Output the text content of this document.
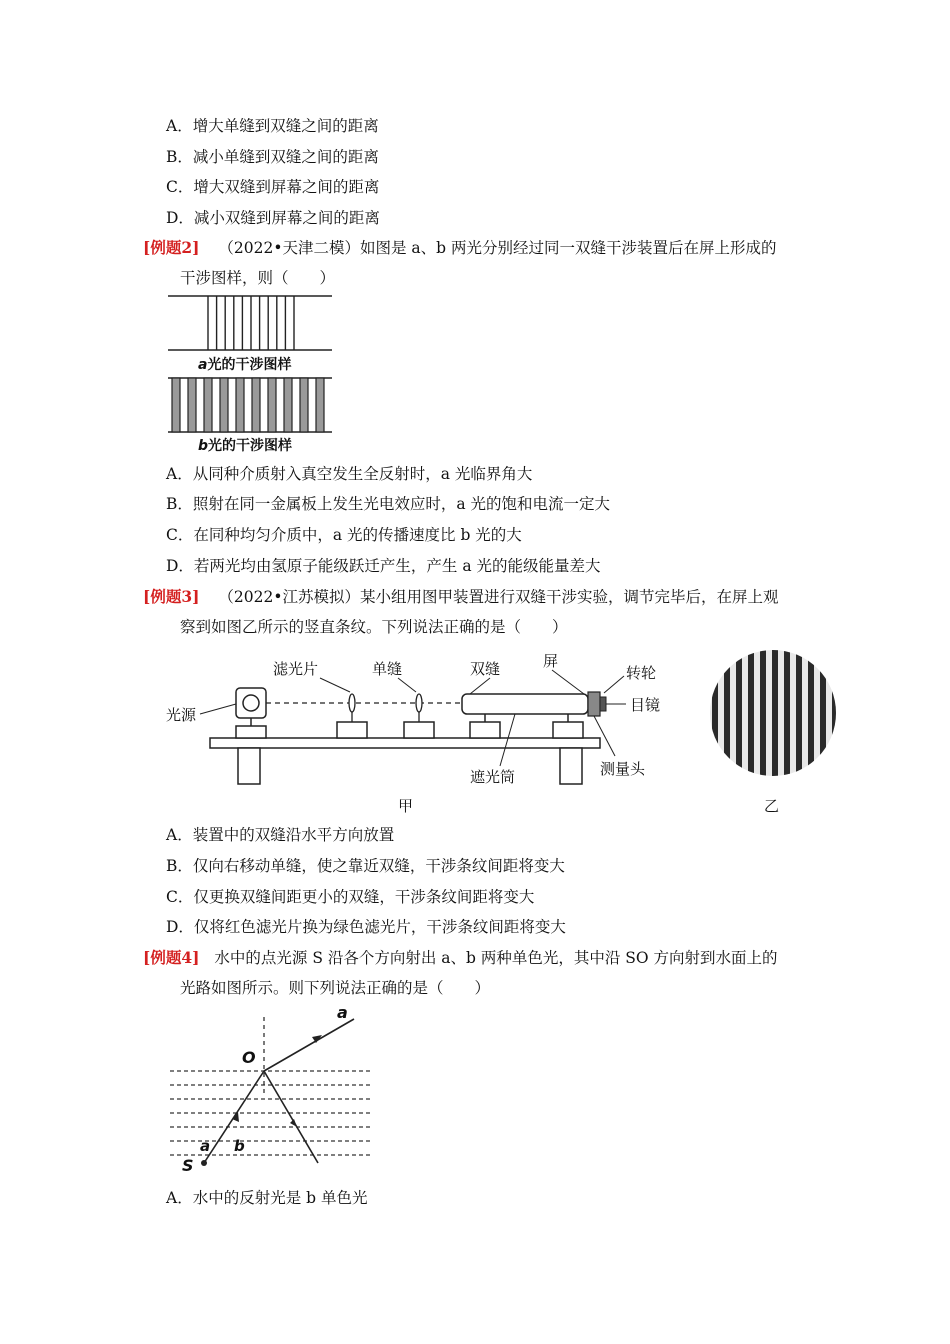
A．增大单缝到双缝之间的距离
B．减小单缝到双缝之间的距离
C．增大双缝到屏幕之间的距离
D．减小双缝到屏幕之间的距离
[例题2] （2022•天津二模）如图是 a、b 两光分别经过同一双缝干涉装置后在屏上形成的
干涉图样，则（　　）
a光的干涉图样
b光的干涉图样
A．从同种介质射入真空发生全反射时，a 光临界角大
B．照射在同一金属板上发生光电效应时，a 光的饱和电流一定大
C．在同种均匀介质中，a 光的传播速度比 b 光的大
D．若两光均由氢原子能级跃迁产生，产生 a 光的能级能量差大
[例题3] （2022•江苏模拟）某小组用图甲装置进行双缝干涉实验，调节完毕后，在屏上观
察到如图乙所示的竖直条纹。下列说法正确的是（　　）
滤光片	单缝	双缝	屏
转轮
光源
目镜
遮光筒	测量头
甲	乙
A．装置中的双缝沿水平方向放置
B．仅向右移动单缝，使之靠近双缝，干涉条纹间距将变大
C．仅更换双缝间距更小的双缝，干涉条纹间距将变大
D．仅将红色滤光片换为绿色滤光片，干涉条纹间距将变大
[例题4] 水中的点光源 S 沿各个方向射出 a、b 两种单色光，其中沿 SO 方向射到水面上的
光路如图所示。则下列说法正确的是（　　）
a
O
a b
S
A．水中的反射光是 b 单色光
